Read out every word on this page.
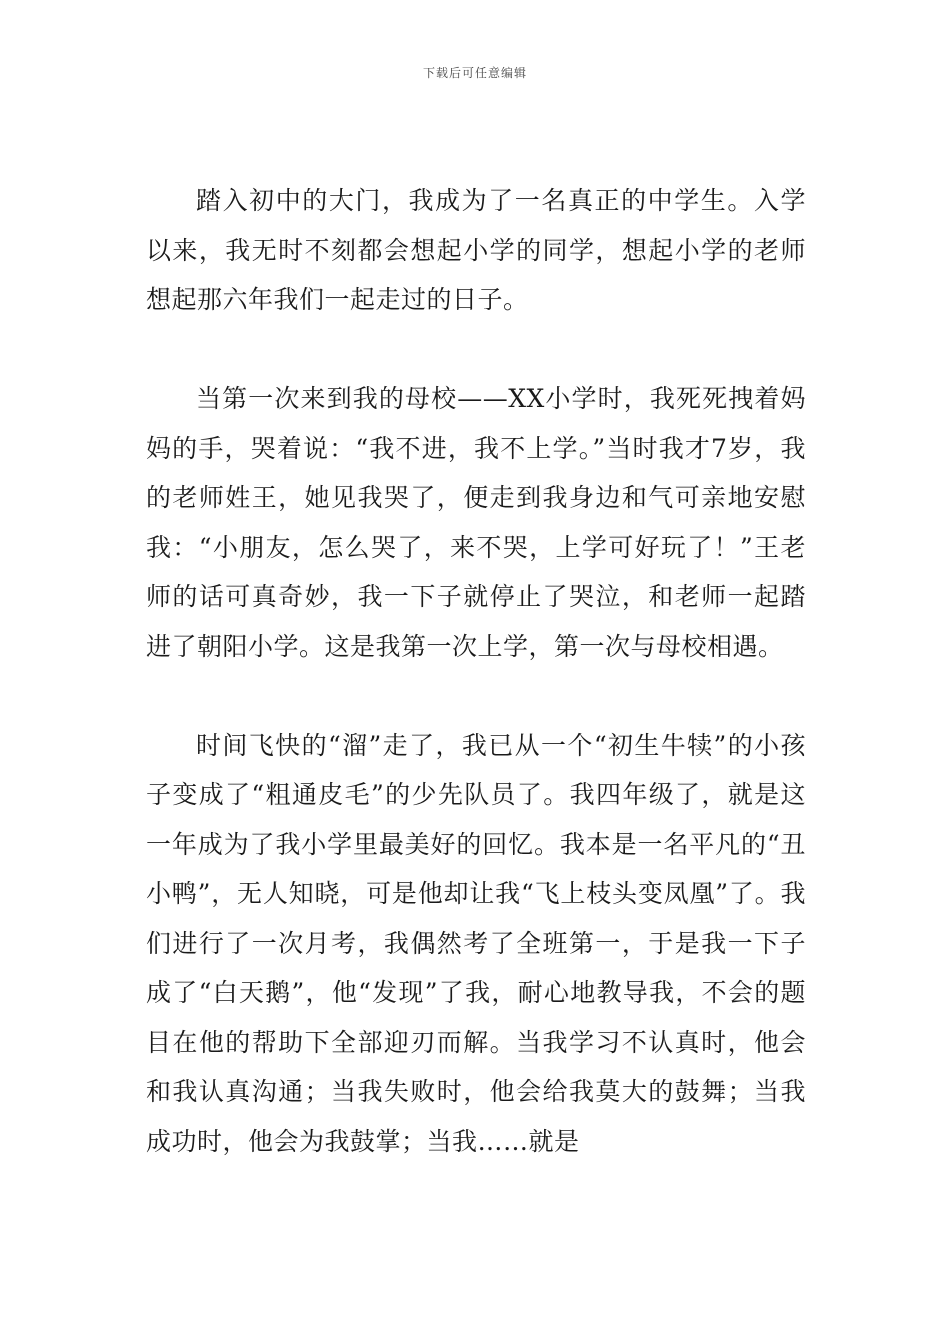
下载后可任意编辑

踏入初中的大门，我成为了一名真正的中学生。入学以来，我无时不刻都会想起小学的同学，想起小学的老师想起那六年我们一起走过的日子。

当第一次来到我的母校——XX小学时，我死死拽着妈妈的手，哭着说：“我不进，我不上学。”当时我才7岁，我的老师姓王，她见我哭了，便走到我身边和气可亲地安慰我：“小朋友，怎么哭了，来不哭，上学可好玩了！”王老师的话可真奇妙，我一下子就停止了哭泣，和老师一起踏进了朝阳小学。这是我第一次上学，第一次与母校相遇。

时间飞快的“溜”走了，我已从一个“初生牛犊”的小孩子变成了“粗通皮毛”的少先队员了。我四年级了，就是这一年成为了我小学里最美好的回忆。我本是一名平凡的“丑小鸭”，无人知晓，可是他却让我“飞上枝头变凤凰”了。我们进行了一次月考，我偶然考了全班第一，于是我一下子成了“白天鹅”，他“发现”了我，耐心地教导我，不会的题目在他的帮助下全部迎刃而解。当我学习不认真时，他会和我认真沟通；当我失败时，他会给我莫大的鼓舞；当我成功时，他会为我鼓掌；当我……就是
